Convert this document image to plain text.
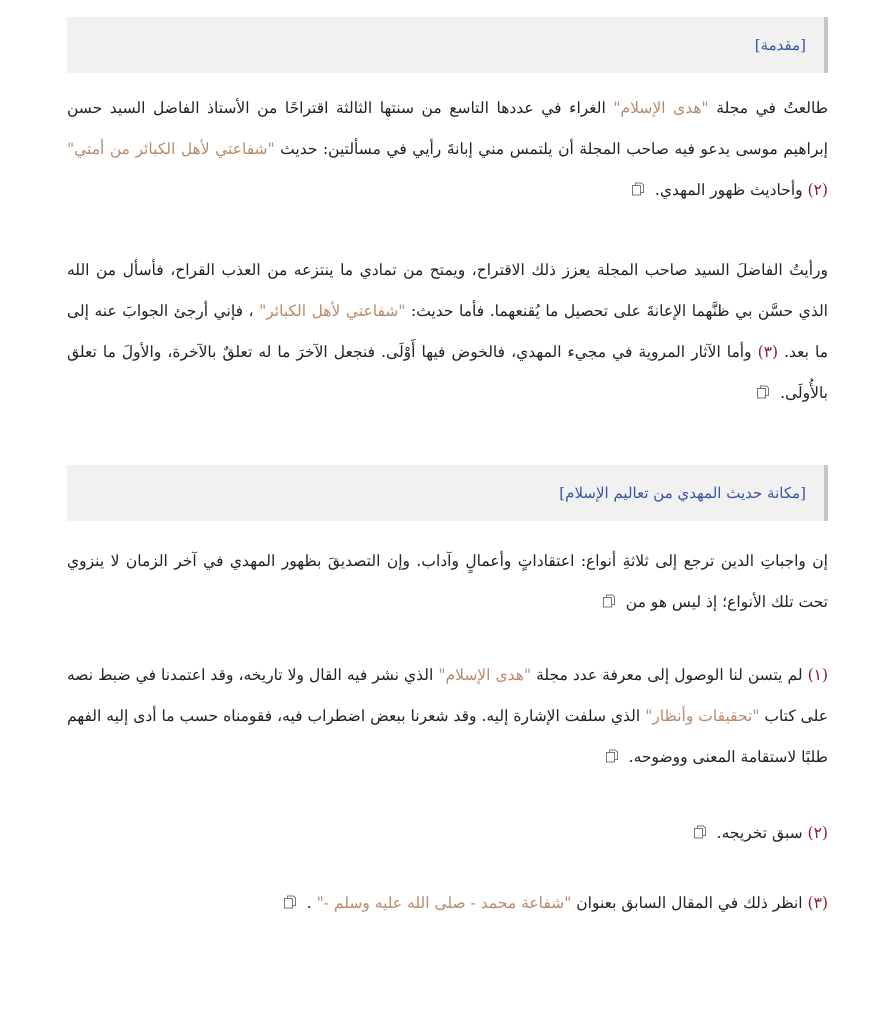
[مقدمة]

طالعتُ في مجلة "هدى الإسلام" الغراء في عددها التاسع من سنتها الثالثة اقتراحًا من الأستاذ الفاضل السيد حسن إبراهيم موسى يدعو فيه صاحب المجلة أن يلتمس مني إبانةَ رأيي في مسألتين: حديث "شفاعتي لأهل الكبائر من أمتي" (٢) وأحاديث ظهور المهدي.

ورأيتُ الفاضلَ السيد صاحب المجلة يعزز ذلك الاقتراح، ويمتح من تمادي ما ينتزعه من العذب القراح، فأسأل من الله الذي حسَّن بي ظنَّهما الإعانةَ على تحصيل ما يُقنعهما. فأما حديث: "شفاعتي لأهل الكبائر" ، فإني أرجئ الجوابَ عنه إلى ما بعد. (٣) وأما الآثار المروية في مجيء المهدي، فالخوض فيها أَوْلَى. فنجعل الآخرَ ما له تعلقٌ بالآخرة، والأولَ ما تعلق بالأُولَى.

[مكانة حديث المهدي من تعاليم الإسلام]

إن واجباتِ الدين ترجع إلى ثلاثةِ أنواع: اعتقاداتٍ وأعمالٍ وآداب. وإن التصديقَ بظهور المهدي في آخر الزمان لا ينزوي تحت تلك الأنواع؛ إذ ليس هو من

(١) لم يتسن لنا الوصول إلى معرفة عدد مجلة "هدى الإسلام" الذي نشر فيه القال ولا تاريخه، وقد اعتمدنا في ضبط نصه على كتاب "تحقيقات وأنظار" الذي سلفت الإشارة إليه. وقد شعرنا ببعض اضطراب فيه، فقومناه حسب ما أدى إليه الفهم طلبًا لاستقامة المعنى ووضوحه.

(٢) سبق تخريجه.

(٣) انظر ذلك في المقال السابق بعنوان "شفاعة محمد - صلى الله عليه وسلم -" .
